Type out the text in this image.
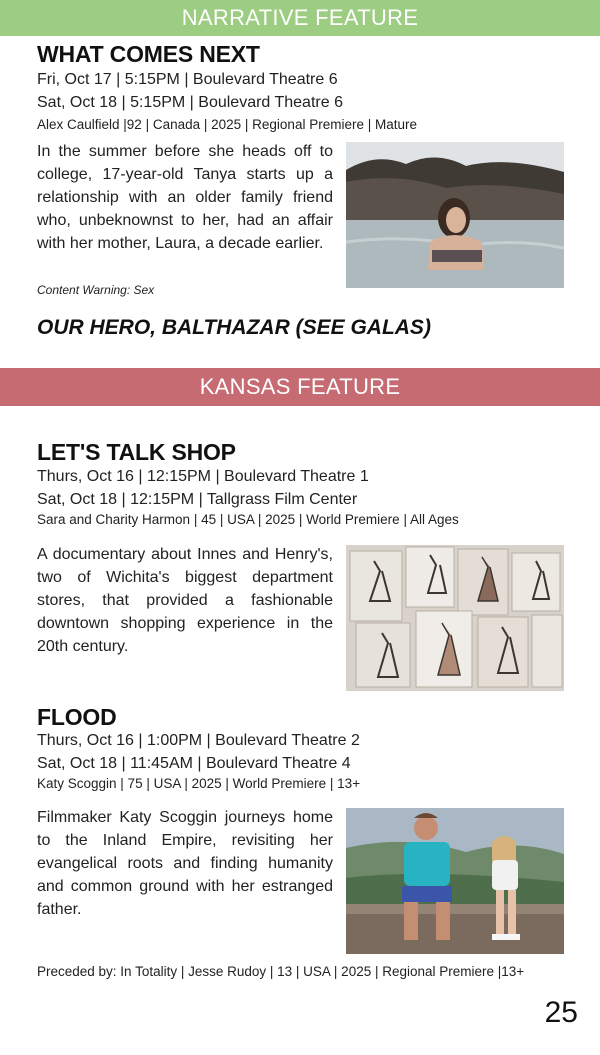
NARRATIVE FEATURE
WHAT COMES NEXT
Fri, Oct 17 | 5:15PM | Boulevard Theatre 6
Sat, Oct 18 | 5:15PM | Boulevard Theatre 6
Alex Caulfield |92 | Canada | 2025 | Regional Premiere | Mature
In the summer before she heads off to college, 17-year-old Tanya starts up a relationship with an older family friend who, unbeknownst to her, had an affair with her mother, Laura, a decade earlier.
Content Warning: Sex
OUR HERO, BALTHAZAR (SEE GALAS)
KANSAS FEATURE
LET'S TALK SHOP
Thurs, Oct 16 | 12:15PM | Boulevard Theatre 1
Sat, Oct 18 | 12:15PM | Tallgrass Film Center
Sara and Charity Harmon | 45 | USA | 2025 | World Premiere | All Ages
A documentary about Innes and Henry's, two of Wichita's biggest department stores, that provided a fashionable downtown shopping experience in the 20th century.
FLOOD
Thurs, Oct 16 | 1:00PM | Boulevard Theatre 2
Sat, Oct 18 | 11:45AM | Boulevard Theatre 4
Katy Scoggin | 75 | USA | 2025 | World Premiere | 13+
Filmmaker Katy Scoggin journeys home to the Inland Empire, revisiting her evangelical roots and finding humanity and common ground with her estranged father.
Preceded by: In Totality | Jesse Rudoy | 13 | USA | 2025 | Regional Premiere |13+
25
